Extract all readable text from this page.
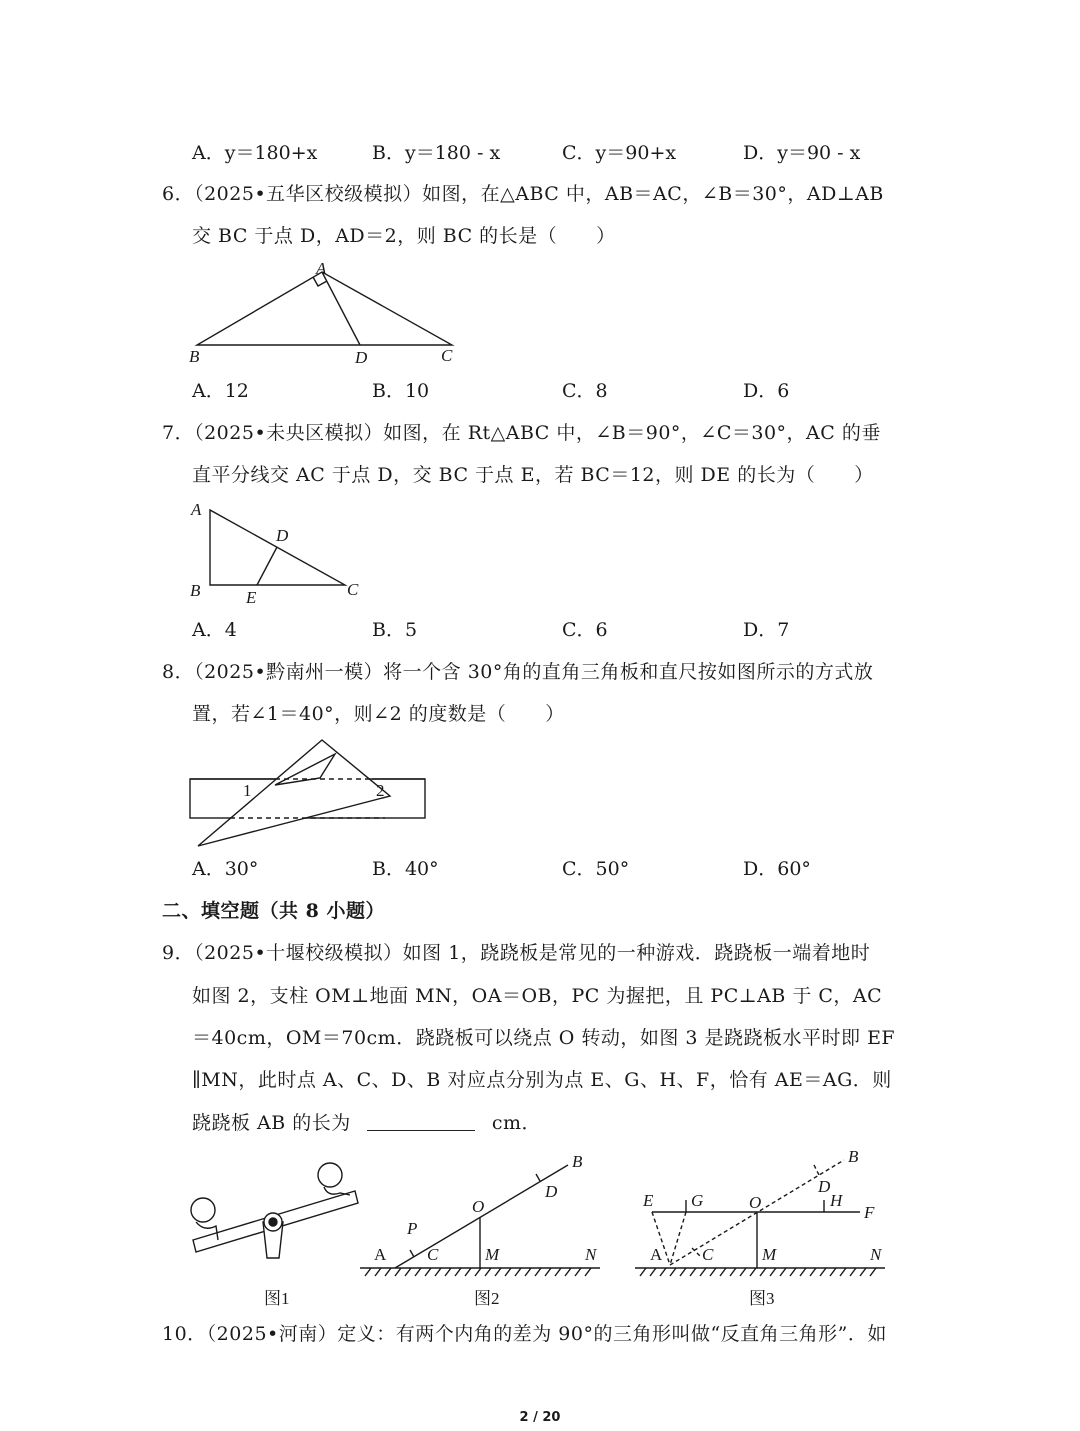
A．y＝180+x	B．y＝180 - x	C．y＝90+x	D．y＝90 - x
6．（2025•五华区校级模拟）如图，在△ABC 中，AB＝AC，∠B＝30°，AD⊥AB
交 BC 于点 D，AD＝2，则 BC 的长是（　　）
A．12	B．10	C．8	D．6
7．（2025•未央区模拟）如图，在 Rt△ABC 中，∠B＝90°，∠C＝30°，AC 的垂
直平分线交 AC 于点 D，交 BC 于点 E，若 BC＝12，则 DE 的长为（　　）
A．4	B．5	C．6	D．7
8．（2025•黔南州一模）将一个含 30°角的直角三角板和直尺按如图所示的方式放
置，若∠1＝40°，则∠2 的度数是（　　）
A．30°	B．40°	C．50°	D．60°
二、填空题（共 8 小题）
9．（2025•十堰校级模拟）如图 1，跷跷板是常见的一种游戏．跷跷板一端着地时
如图 2，支柱 OM⊥地面 MN，OA＝OB，PC 为握把，且 PC⊥AB 于 C，AC
＝40cm，OM＝70cm．跷跷板可以绕点 O 转动，如图 3 是跷跷板水平时即 EF
∥MN，此时点 A、C、D、B 对应点分别为点 E、G、H、F，恰有 AE＝AG．则
跷跷板 AB 的长为	cm．
10．（2025•河南）定义：有两个内角的差为 90°的三角形叫做“反直角三角形”．如
2 / 20
A
B	D	C
A
B
D
E	C
1	2
A C
P
O
M	N
D
B
E G	O
D
H
F
B
A C	M	N
图1	图2	图3
